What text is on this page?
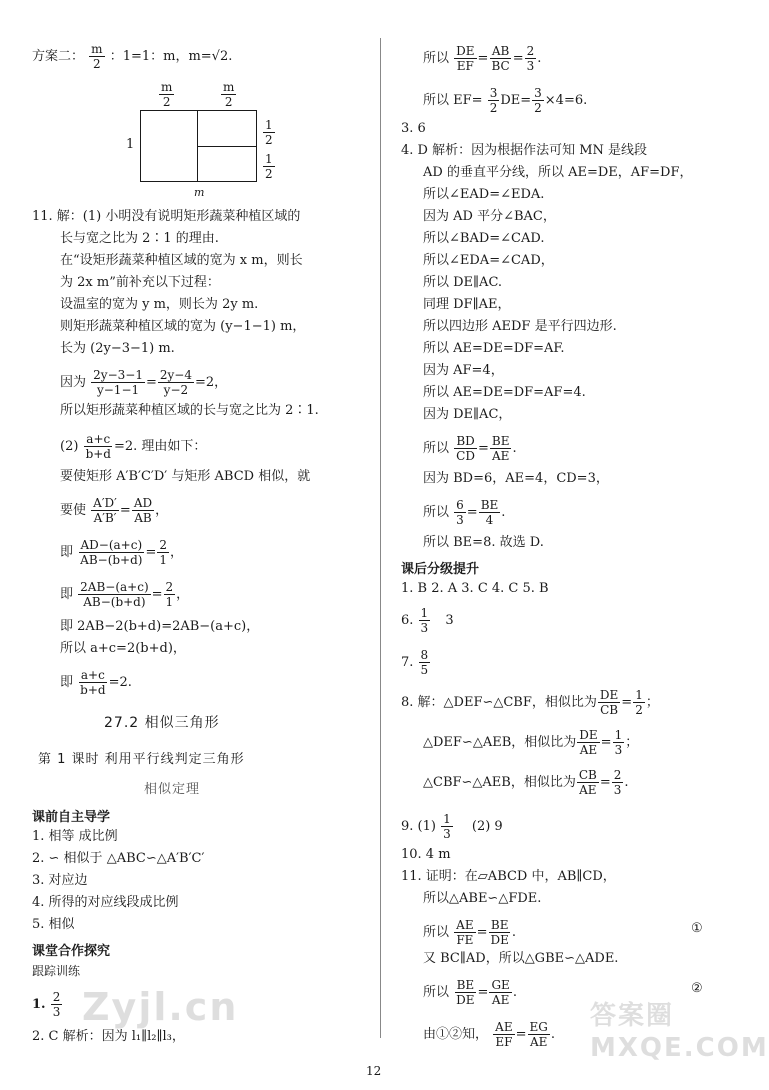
方案二： $\frac{m}{2}$ ：1=1：m，m=√2.
$\frac{m}{2}$	$\frac{m}{2}$
1	$\frac{1}{2}$
$\frac{1}{2}$
m
11. 解：(1) 小明没有说明矩形蔬菜种植区域的
长与宽之比为 2∶1 的理由.
在“设矩形蔬菜种植区域的宽为 x m，则长
为 2x m”前补充以下过程：
设温室的宽为 y m，则长为 2y m.
则矩形蔬菜种植区域的宽为 (y−1−1) m，
长为 (2y−3−1) m.
因为 $\frac{2y-3-1}{y-1-1} = \frac{2y-4}{y-2} =2$，
所以矩形蔬菜种植区域的长与宽之比为 2∶1.
$(2) \frac{a+c}{b+d} =2$. 理由如下：
要使矩形 A′B′C′D′ 与矩形 ABCD 相似，就
要使 $\frac{A'D'}{A'B'} = \frac{AD}{AB}$ ，
即 $\frac{AD-(a+c)}{AB-(b+d)} = \frac{2}{1}$ ，
即 $\frac{2AB-(a+c)}{AB-(b+d)} = \frac{2}{1}$ ，
即 2AB−2(b+d)=2AB−(a+c)，
所以 a+c=2(b+d)，
即 $\frac{a+c}{b+d} =2$.
27.2 相似三角形
第 1 课时 利用平行线判定三角形
相似定理
课前自主导学
1. 相等 成比例
2. ∽ 相似于 △ABC∽△A′B′C′
3. 对应边
4. 所得的对应线段成比例
5. 相似
课堂合作探究
跟踪训练
1. $\frac{2}{3}$
2. C 解析：因为 l₁∥l₂∥l₃，
Zyjl.cn
所以 $\frac{DE}{EF} = \frac{AB}{BC} = \frac{2}{3}$ .
所以 $EF= \frac{3}{2} DE= \frac{3}{2} \times 4=6$.
3. 6
4. D 解析：因为根据作法可知 MN 是线段
AD 的垂直平分线，所以 AE=DE，AF=DF，
所以∠EAD=∠EDA.
因为 AD 平分∠BAC，
所以∠BAD=∠CAD.
所以∠EDA=∠CAD，
所以 DE∥AC.
同理 DF∥AE，
所以四边形 AEDF 是平行四边形.
所以 AE=DE=DF=AF.
因为 AF=4，
所以 AE=DE=DF=AF=4.
因为 DE∥AC，
所以 $\frac{BD}{CD} = \frac{BE}{AE}$ .
因为 BD=6，AE=4，CD=3，
所以 $\frac{6}{3} = \frac{BE}{4}$ .
所以 BE=8. 故选 D.
课后分级提升
1. B 2. A 3. C 4. C 5. B
6. $\frac{1}{3} 3$
7. $\frac{8}{5}$
8. 解：△DEF∽△CBF，相似比为 $\frac{DE}{CB} = \frac{1}{2}$ ；
△DEF∽△AEB，相似比为 $\frac{DE}{AE} = \frac{1}{3}$ ；
△CBF∽△AEB，相似比为 $\frac{CB}{AE} = \frac{2}{3}$ .
9. $(1) \frac{1}{3} (2)$ 9
10. 4 m
11. 证明：在▱ABCD 中，AB∥CD，
所以△ABE∽△FDE.
所以 $\frac{AE}{FE} = \frac{BE}{DE}$ .	①
又 BC∥AD，所以△GBE∽△ADE.
所以 $\frac{BE}{DE} = \frac{GE}{AE}$ .	②
由①②知， $\frac{AE}{EF} = \frac{EG}{AE}$ .
答案圈 MXQE.COM
12
